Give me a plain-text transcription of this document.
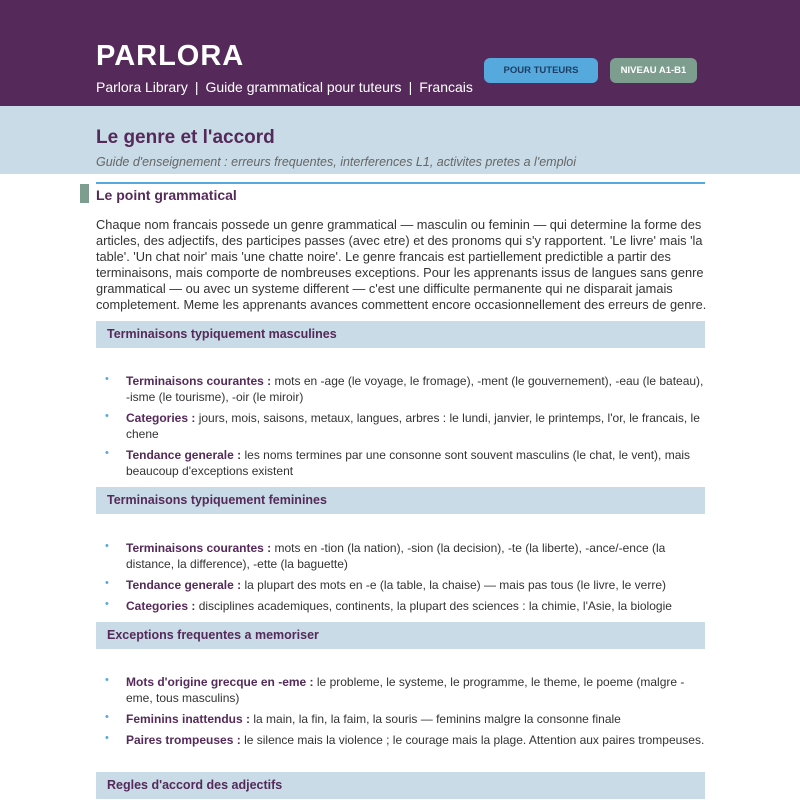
PARLORA
Parlora Library | Guide grammatical pour tuteurs | Francais
POUR TUTEURS	NIVEAU A1-B1
Le genre et l'accord
Guide d'enseignement : erreurs frequentes, interferences L1, activites pretes a l'emploi
Le point grammatical
Chaque nom francais possede un genre grammatical — masculin ou feminin — qui determine la forme des articles, des adjectifs, des participes passes (avec etre) et des pronoms qui s'y rapportent. 'Le livre' mais 'la table'. 'Un chat noir' mais 'une chatte noire'. Le genre francais est partiellement predictible a partir des terminaisons, mais comporte de nombreuses exceptions. Pour les apprenants issus de langues sans genre grammatical — ou avec un systeme different — c'est une difficulte permanente qui ne disparait jamais completement. Meme les apprenants avances commettent encore occasionnellement des erreurs de genre.
Terminaisons typiquement masculines
• Terminaisons courantes : mots en -age (le voyage, le fromage), -ment (le gouvernement), -eau (le bateau), -isme (le tourisme), -oir (le miroir)
• Categories : jours, mois, saisons, metaux, langues, arbres : le lundi, janvier, le printemps, l'or, le francais, le chene
• Tendance generale : les noms termines par une consonne sont souvent masculins (le chat, le vent), mais beaucoup d'exceptions existent
Terminaisons typiquement feminines
• Terminaisons courantes : mots en -tion (la nation), -sion (la decision), -te (la liberte), -ance/-ence (la distance, la difference), -ette (la baguette)
• Tendance generale : la plupart des mots en -e (la table, la chaise) — mais pas tous (le livre, le verre)
• Categories : disciplines academiques, continents, la plupart des sciences : la chimie, l'Asie, la biologie
Exceptions frequentes a memoriser
• Mots d'origine grecque en -eme : le probleme, le systeme, le programme, le theme, le poeme (malgre -eme, tous masculins)
• Feminins inattendus : la main, la fin, la faim, la souris — feminins malgre la consonne finale
• Paires trompeuses : le silence mais la violence ; le courage mais la plage. Attention aux paires trompeuses.
Regles d'accord des adjectifs
